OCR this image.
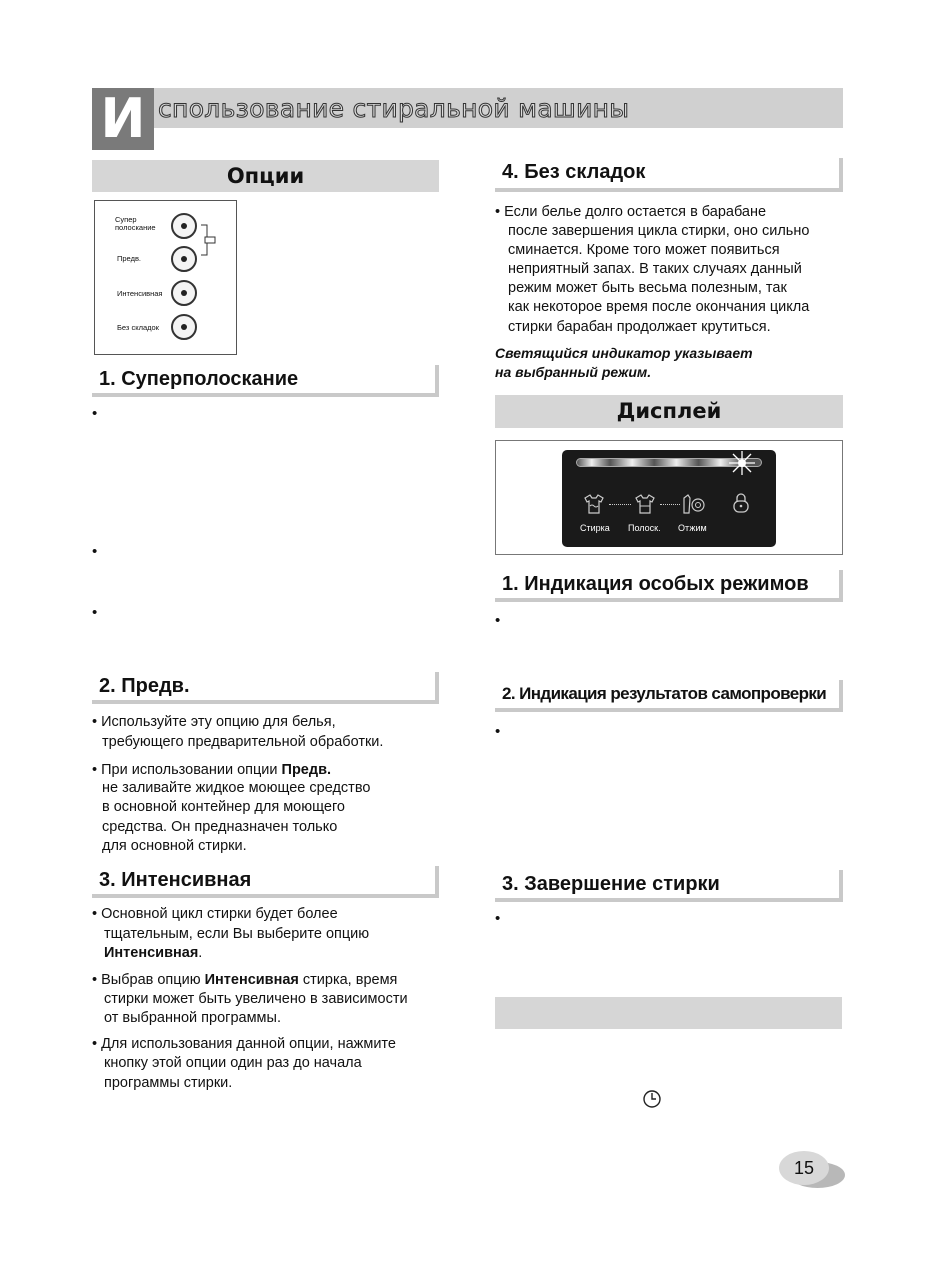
И спользование стиральной машины
Опции
Супер
полоскание
Предв.
Интенсивная
Без складок
1. Суперполоскание
•
•
•
2. Предв.
• Используйте эту опцию для белья,
требующего предварительной обработки.
• При использовании опции Предв.
не заливайте жидкое моющее средство
в основной контейнер для моющего
средства. Он предназначен только
для основной стирки.
3. Интенсивная
• Основной цикл стирки будет более
тщательным, если Вы выберите опцию
Интенсивная.
• Выбрав опцию Интенсивная стирка, время
стирки может быть увеличено в зависимости
от выбранной программы.
• Для использования данной опции, нажмите
кнопку этой опции один раз до начала
программы стирки.
4. Без складок
• Если белье долго остается в барабане
после завершения цикла стирки, оно сильно
сминается. Кроме того может появиться
неприятный запах. В таких случаях данный
режим может быть весьма полезным, так
как некоторое время после окончания цикла
стирки барабан продолжает крутиться.
Светящийся индикатор указывает
на выбранный режим.
Дисплей
Стирка Полоск. Отжим
1. Индикация особых режимов
•
2. Индикация результатов самопроверки
•
3. Завершение стирки
•
15
